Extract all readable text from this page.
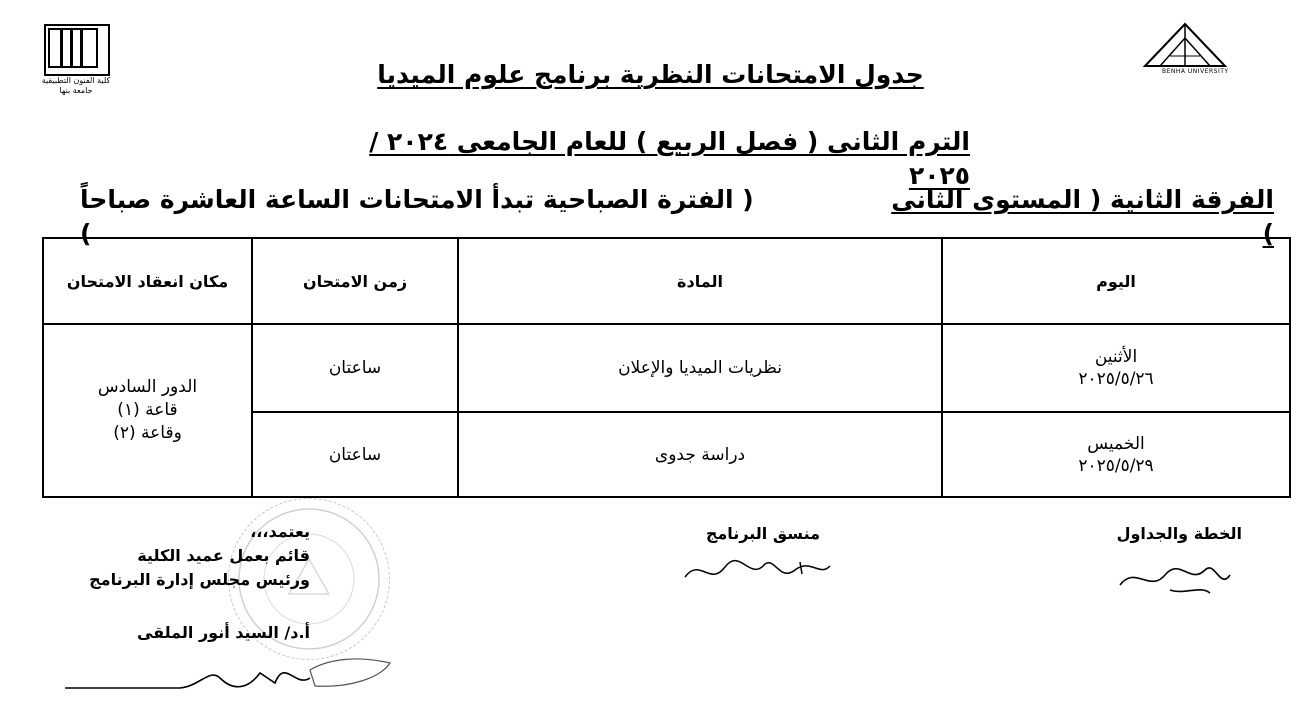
كلية الفنون التطبيقية
جامعة بنها
BENHA UNIVERSITY
جدول الامتحانات النظرية برنامج علوم الميديا
الترم الثانى ( فصل الربيع ) للعام الجامعى ٢٠٢٤ / ٢٠٢٥
الفرقة الثانية ( المستوى الثانى )
( الفترة الصباحية تبدأ الامتحانات الساعة العاشرة صباحاً )
اليوم	المادة	زمن الامتحان	مكان انعقاد الامتحان

الأثنين
٢٠٢٥/٥/٢٦	نظريات الميديا والإعلان	ساعتان	الدور السادس
قاعة (١)
وقاعة (٢)

الخميس
٢٠٢٥/٥/٢٩	دراسة جدوى	ساعتان	
الخطة والجداول
منسق البرنامج
يعتمد،،،
قائم بعمل عميد الكلية
ورئيس مجلس إدارة البرنامج
أ.د/ السيد أنور الملقى
